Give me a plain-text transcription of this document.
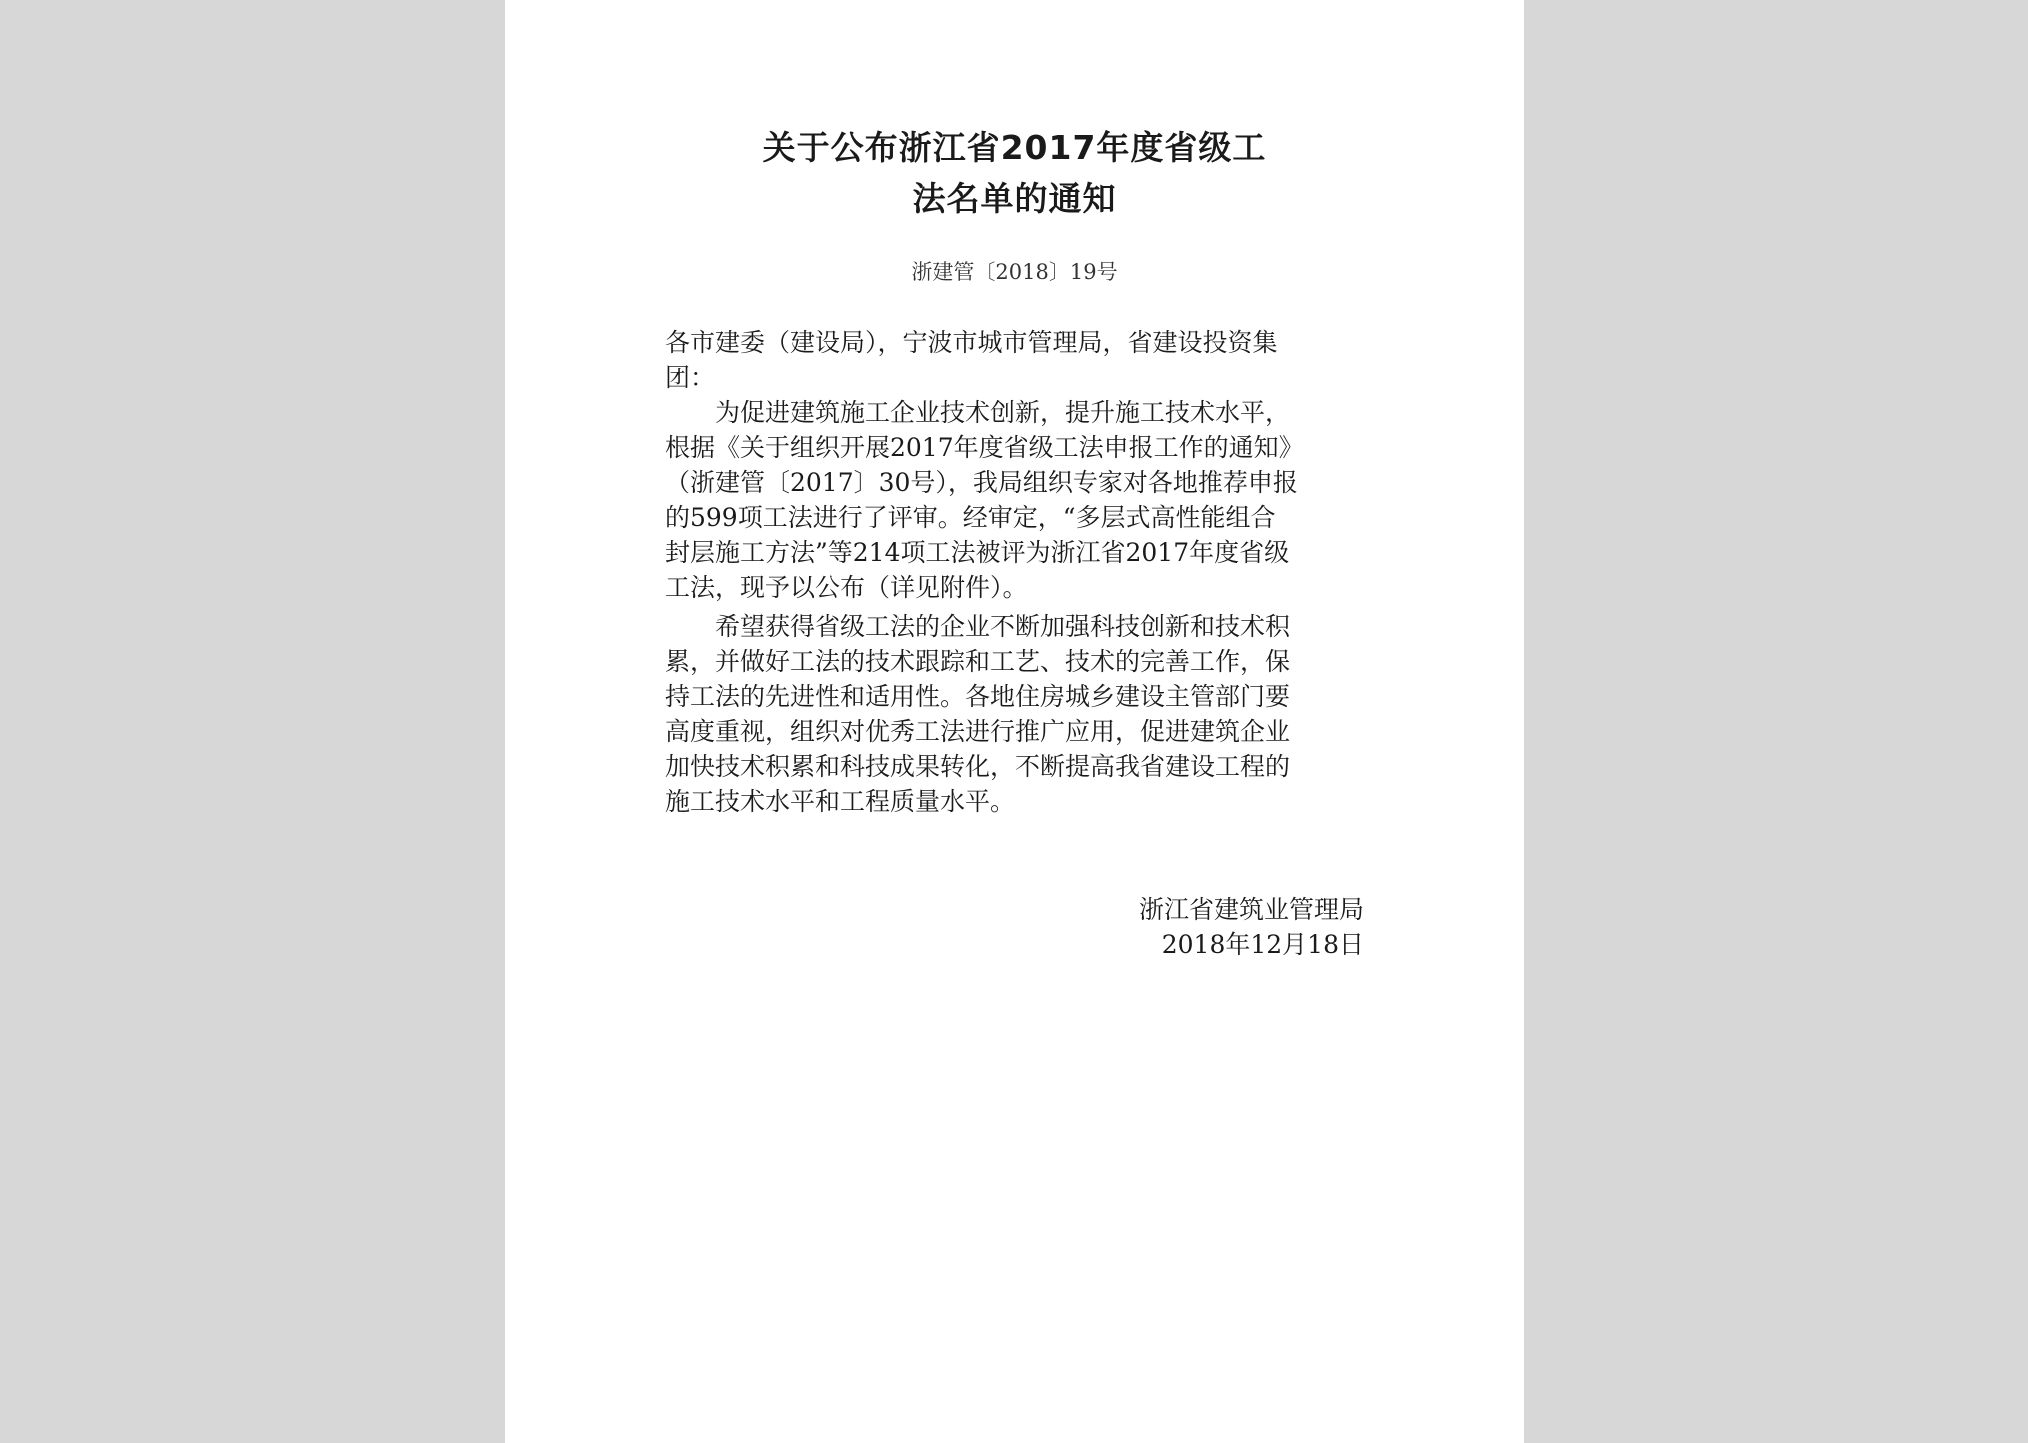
关于公布浙江省2017年度省级工
法名单的通知
浙建管〔2018〕19号
各市建委（建设局），宁波市城市管理局，省建设投资集
团：
　　为促进建筑施工企业技术创新，提升施工技术水平，
根据《关于组织开展2017年度省级工法申报工作的通知》
（浙建管〔2017〕30号），我局组织专家对各地推荐申报
的599项工法进行了评审。经审定，“多层式高性能组合
封层施工方法”等214项工法被评为浙江省2017年度省级
工法，现予以公布（详见附件）。
　　希望获得省级工法的企业不断加强科技创新和技术积
累，并做好工法的技术跟踪和工艺、技术的完善工作，保
持工法的先进性和适用性。各地住房城乡建设主管部门要
高度重视，组织对优秀工法进行推广应用，促进建筑企业
加快技术积累和科技成果转化，不断提高我省建设工程的
施工技术水平和工程质量水平。
浙江省建筑业管理局
2018年12月18日
